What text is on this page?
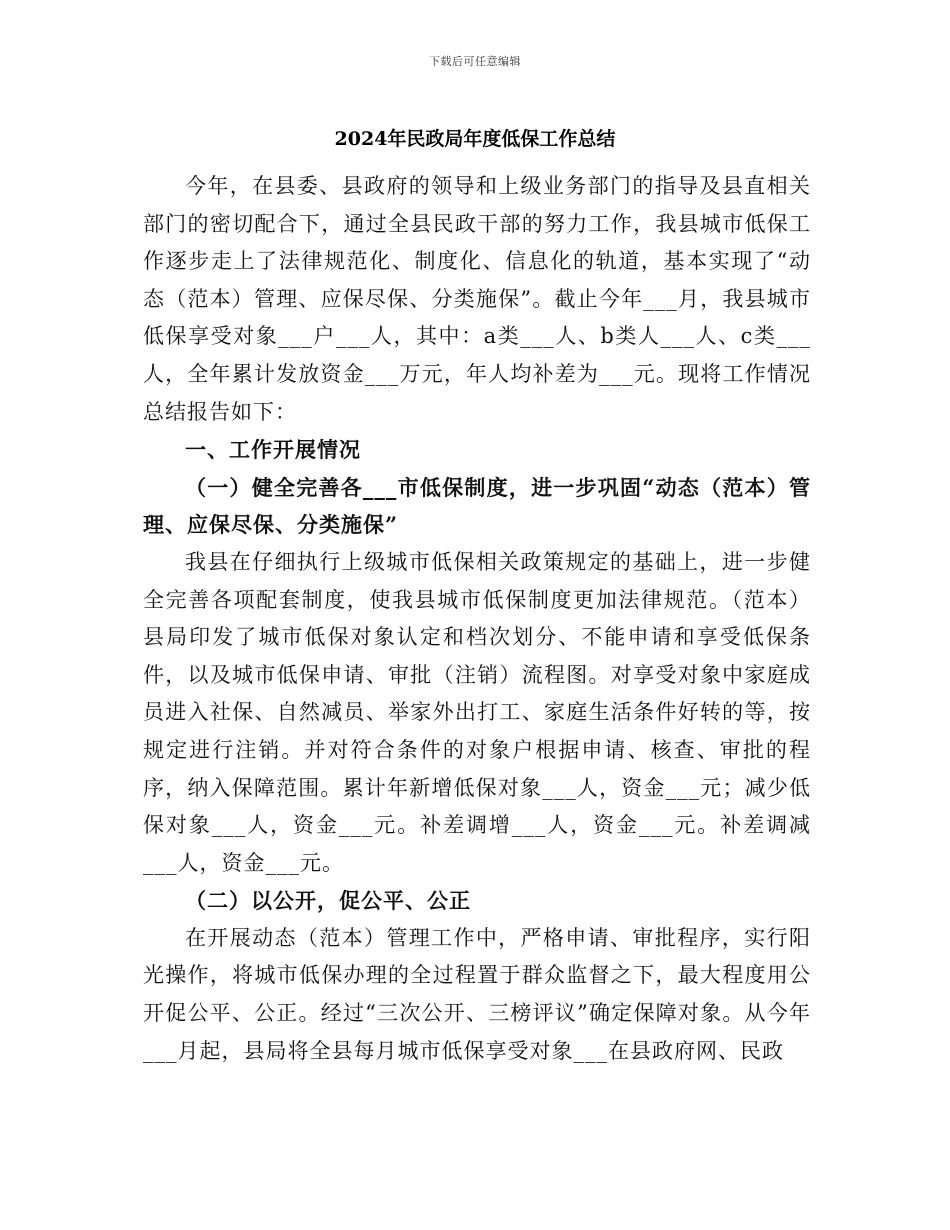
下载后可任意编辑
2024年民政局年度低保工作总结

今年，在县委、县政府的领导和上级业务部门的指导及县直相关部门的密切配合下，通过全县民政干部的努力工作，我县城市低保工作逐步走上了法律规范化、制度化、信息化的轨道，基本实现了“动态（范本）管理、应保尽保、分类施保”。截止今年___月，我县城市低保享受对象___户___人，其中：a类___人、b类人___人、c类___人，全年累计发放资金___万元，年人均补差为___元。现将工作情况总结报告如下：

一、工作开展情况
（一）健全完善各___市低保制度，进一步巩固“动态（范本）管理、应保尽保、分类施保”

我县在仔细执行上级城市低保相关政策规定的基础上，进一步健全完善各项配套制度，使我县城市低保制度更加法律规范。（范本）县局印发了城市低保对象认定和档次划分、不能申请和享受低保条件，以及城市低保申请、审批（注销）流程图。对享受对象中家庭成员进入社保、自然减员、举家外出打工、家庭生活条件好转的等，按规定进行注销。并对符合条件的对象户根据申请、核查、审批的程序，纳入保障范围。累计年新增低保对象___人，资金___元；减少低保对象___人，资金___元。补差调增___人，资金___元。补差调减___人，资金___元。

（二）以公开，促公平、公正

在开展动态（范本）管理工作中，严格申请、审批程序，实行阳光操作，将城市低保办理的全过程置于群众监督之下，最大程度用公开促公平、公正。经过“三次公开、三榜评议”确定保障对象。从今年___月起，县局将全县每月城市低保享受对象___在县政府网、民政
